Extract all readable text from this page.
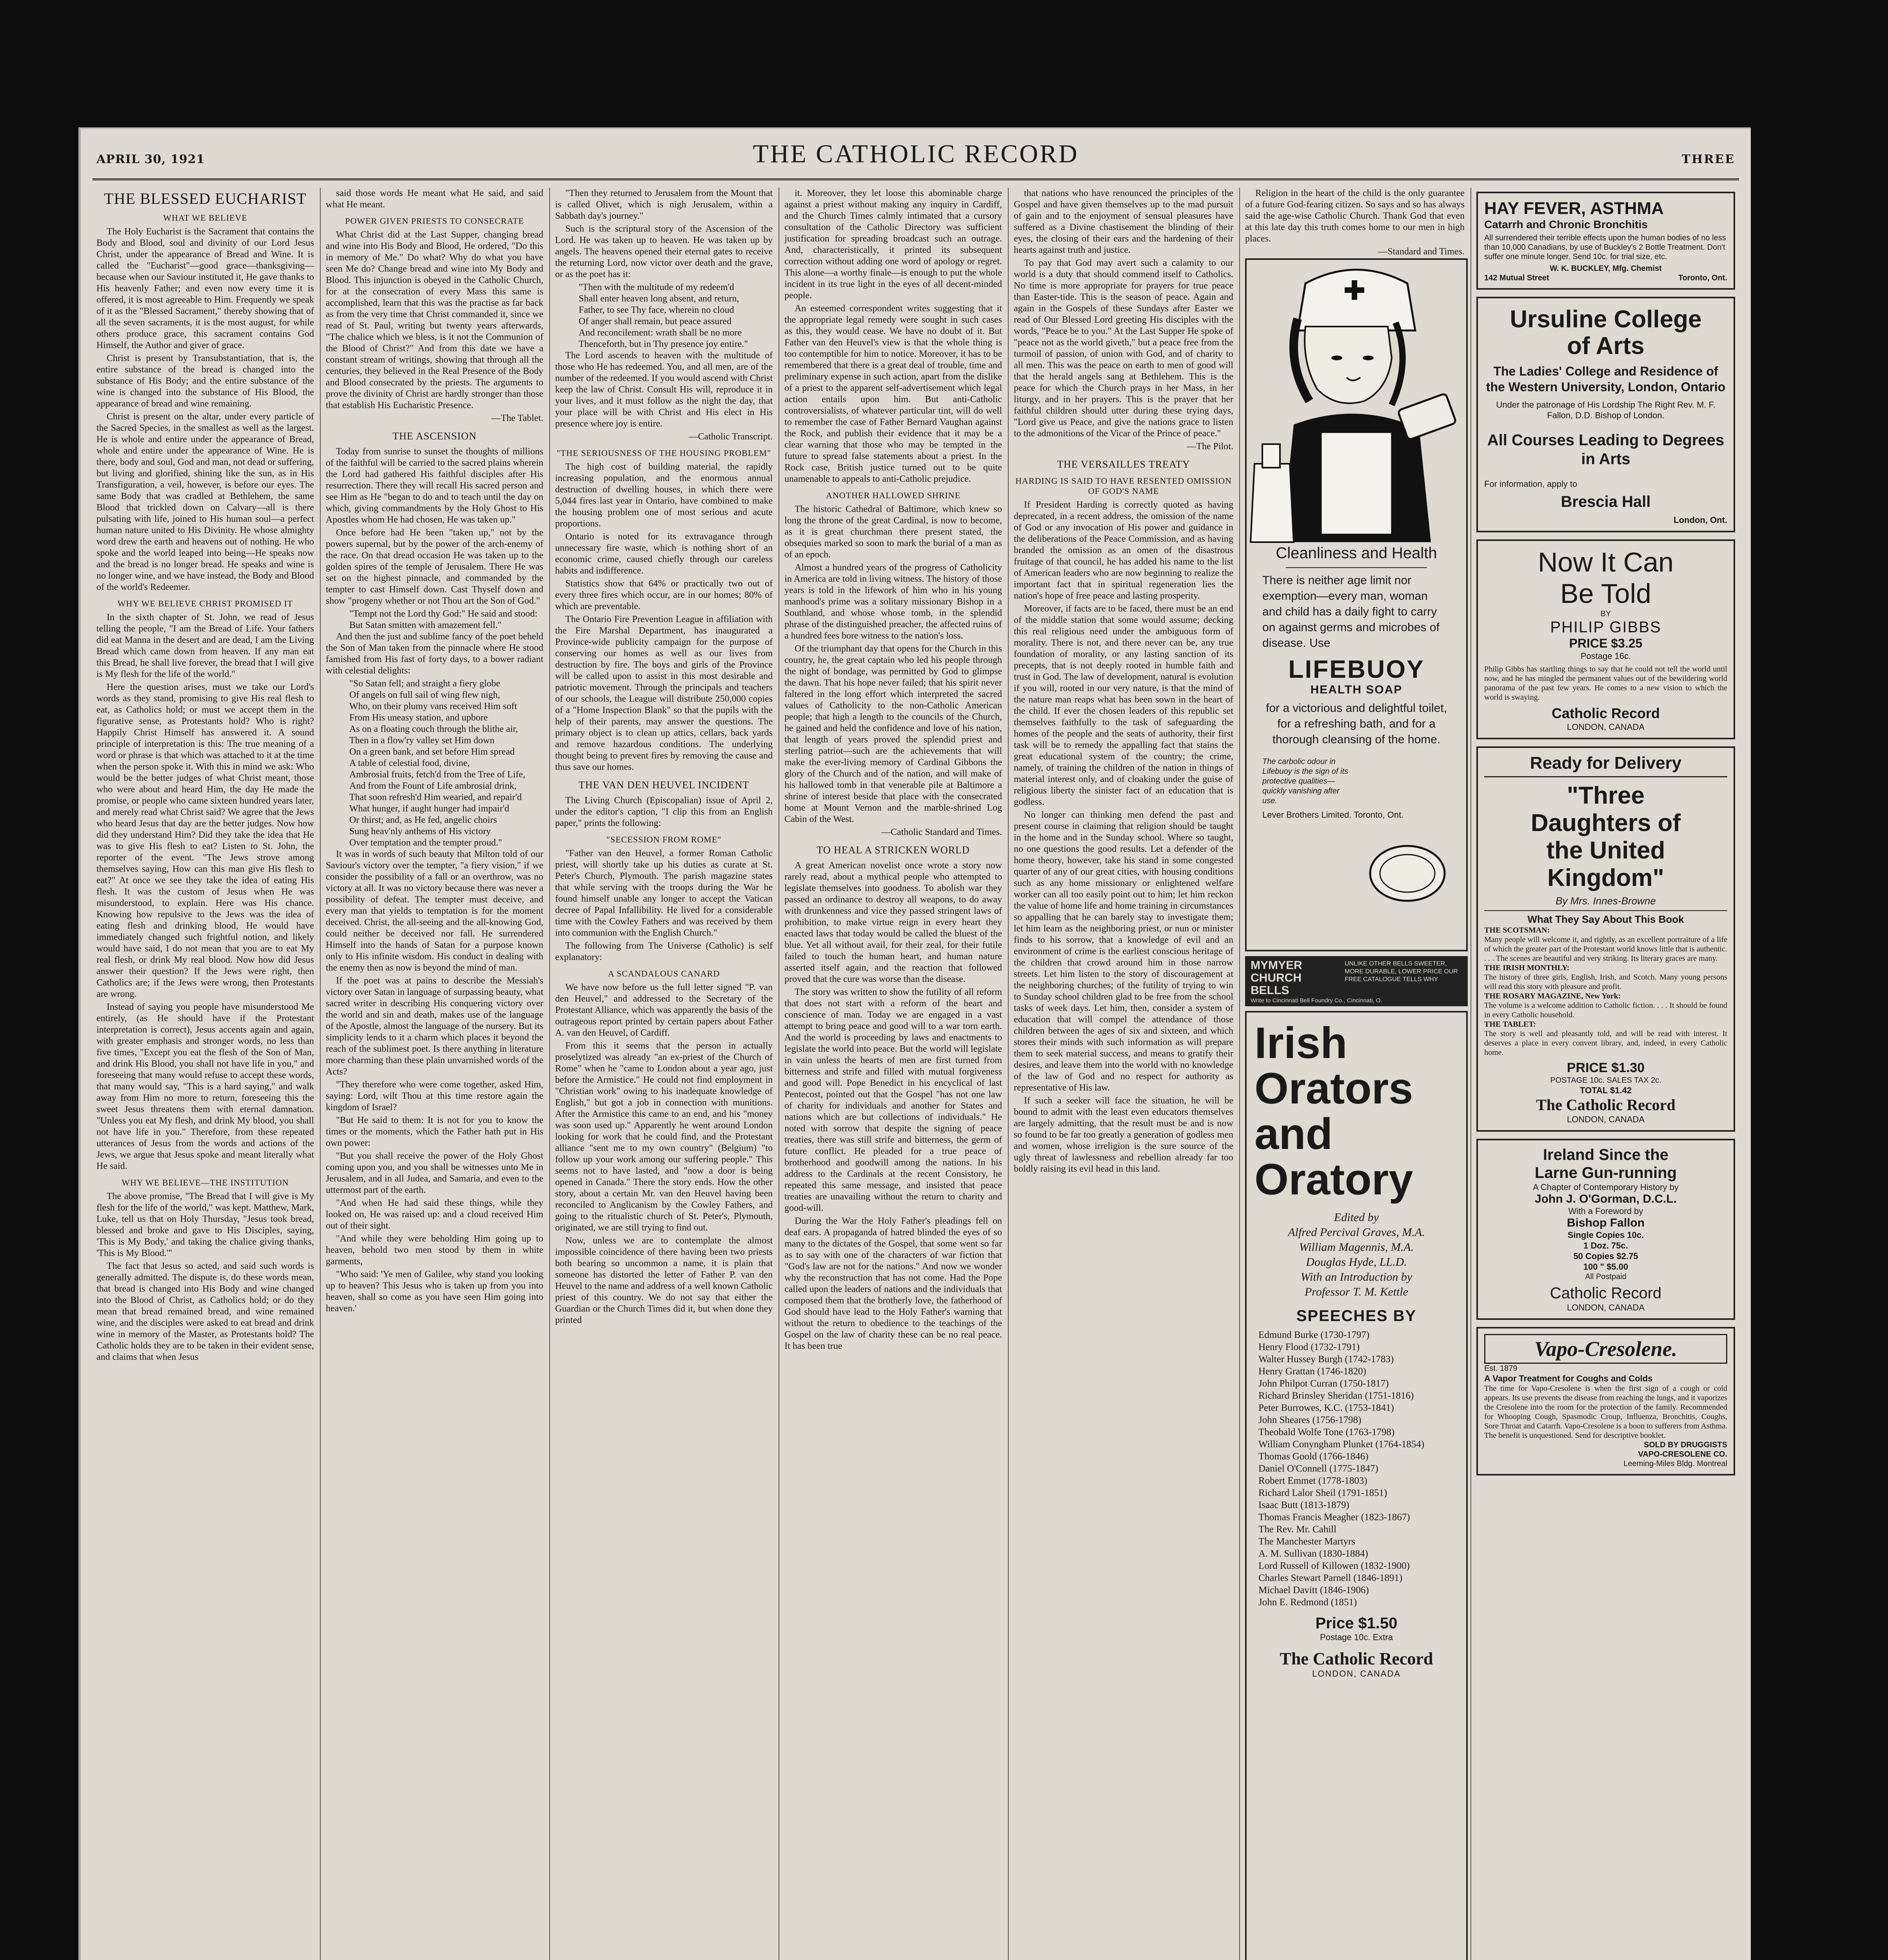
APRIL 30, 1921	THE CATHOLIC RECORD	THREE
THE BLESSED EUCHARIST
WHAT WE BELIEVE

The Holy Eucharist is the Sacrament that contains the Body and Blood, soul and divinity of our Lord Jesus Christ, under the appearance of Bread and Wine. It is called the "Eucharist"—good grace—thanksgiving—because when our Saviour instituted it, He gave thanks to His heavenly Father; and even now every time it is offered, it is most agreeable to Him. Frequently we speak of it as the "Blessed Sacrament," thereby showing that of all the seven sacraments, it is the most august, for while others produce grace, this sacrament contains God Himself, the Author and giver of grace.

Christ is present by Transubstantiation, that is, the entire substance of the bread is changed into the substance of His Body; and the entire substance of the wine is changed into the substance of His Blood, the appearance of bread and wine remaining.

Christ is present on the altar, under every particle of the Sacred Species, in the smallest as well as the largest. He is whole and entire under the appearance of Bread, whole and entire under the appearance of Wine. He is there, body and soul, God and man, not dead or suffering, but living and glorified, shining like the sun, as in His Transfiguration, a veil, however, is before our eyes. The same Body that was cradled at Bethlehem, the same Blood that trickled down on Calvary—all is there pulsating with life, joined to His human soul—a perfect human nature united to His Divinity. He whose almighty word drew the earth and heavens out of nothing. He who spoke and the world leaped into being—He speaks now and the bread is no longer bread. He speaks and wine is no longer wine, and we have instead, the Body and Blood of the world's Redeemer.

WHY WE BELIEVE CHRIST PROMISED IT

In the sixth chapter of St. John, we read of Jesus telling the people, "I am the Bread of Life. Your fathers did eat Manna in the desert and are dead, I am the Living Bread which came down from heaven. If any man eat this Bread, he shall live forever, the bread that I will give is My flesh for the life of the world."

Here the question arises, must we take our Lord's words as they stand, promising to give His real flesh to eat, as Catholics hold; or must we accept them in the figurative sense, as Protestants hold? Who is right? Happily Christ Himself has answered it. A sound principle of interpretation is this: The true meaning of a word or phrase is that which was attached to it at the time when the person spoke it. With this in mind we ask: Who would be the better judges of what Christ meant, those who were about and heard Him, the day He made the promise, or people who came sixteen hundred years later, and merely read what Christ said? We agree that the Jews who heard Jesus that day are the better judges. Now how did they understand Him? Did they take the idea that He was to give His flesh to eat? Listen to St. John, the reporter of the event. "The Jews strove among themselves saying, How can this man give His flesh to eat?" At once we see they take the idea of eating His flesh. It was the custom of Jesus when He was misunderstood, to explain. Here was His chance. Knowing how repulsive to the Jews was the idea of eating flesh and drinking blood, He would have immediately changed such frightful notion, and likely would have said, I do not mean that you are to eat My real flesh, or drink My real blood. Now how did Jesus answer their question? If the Jews were right, then Catholics are; if the Jews were wrong, then Protestants are wrong.

Instead of saying you people have misunderstood Me entirely, (as He should have if the Protestant interpretation is correct), Jesus accents again and again, with greater emphasis and stronger words, no less than five times, "Except you eat the flesh of the Son of Man, and drink His Blood, you shall not have life in you," and foreseeing that many would refuse to accept these words, that many would say, "This is a hard saying," and walk away from Him no more to return, foreseeing this the sweet Jesus threatens them with eternal damnation. "Unless you eat My flesh, and drink My blood, you shall not have life in you." Therefore, from these repeated utterances of Jesus from the words and actions of the Jews, we argue that Jesus spoke and meant literally what He said.

WHY WE BELIEVE—THE INSTITUTION

The above promise, "The Bread that I will give is My flesh for the life of the world," was kept. Matthew, Mark, Luke, tell us that on Holy Thursday, "Jesus took bread, blessed and broke and gave to His Disciples, saying, 'This is My Body,' and taking the chalice giving thanks, 'This is My Blood.'"

The fact that Jesus so acted, and said such words is generally admitted. The dispute is, do these words mean, that bread is changed into His Body and wine changed into the Blood of Christ, as Catholics hold; or do they mean that bread remained bread, and wine remained wine, and the disciples were asked to eat bread and drink wine in memory of the Master, as Protestants hold? The Catholic holds they are to be taken in their evident sense, and claims that when Jesus

said those words He meant what He said, and said what He meant.

POWER GIVEN PRIESTS TO CONSECRATE

What Christ did at the Last Supper, changing bread and wine into His Body and Blood, He ordered, "Do this in memory of Me." Do what? Why do what you have seen Me do? Change bread and wine into My Body and Blood. This injunction is obeyed in the Catholic Church, for at the consecration of every Mass this same is accomplished, learn that this was the practise as far back as from the very time that Christ commanded it, since we read of St. Paul, writing but twenty years afterwards, "The chalice which we bless, is it not the Communion of the Blood of Christ?" And from this date we have a constant stream of writings, showing that through all the centuries, they believed in the Real Presence of the Body and Blood consecrated by the priests. The arguments to prove the divinity of Christ are hardly stronger than those that establish His Eucharistic Presence.

—The Tablet.

THE ASCENSION

Today from sunrise to sunset the thoughts of millions of the faithful will be carried to the sacred plains wherein the Lord had gathered His faithful disciples after His resurrection. There they will recall His sacred person and see Him as He "began to do and to teach until the day on which, giving commandments by the Holy Ghost to His Apostles whom He had chosen, He was taken up."

Once before had He been "taken up," not by the powers supernal, but by the power of the arch-enemy of the race. On that dread occasion He was taken up to the golden spires of the temple of Jerusalem. There He was set on the highest pinnacle, and commanded by the tempter to cast Himself down. Cast Thyself down and show "progeny whether or not Thou art the Son of God."

"Tempt not the Lord thy God:" He said and stood:

But Satan smitten with amazement fell."

And then the just and sublime fancy of the poet beheld the Son of Man taken from the pinnacle where He stood famished from His fast of forty days, to a bower radiant with celestial delights:

"So Satan fell; and straight a fiery globe

Of angels on full sail of wing flew nigh,

Who, on their plumy vans received Him soft

From His uneasy station, and upbore

As on a floating couch through the blithe air,

Then in a flow'ry valley set Him down

On a green bank, and set before Him spread

A table of celestial food, divine,

Ambrosial fruits, fetch'd from the Tree of Life,

And from the Fount of Life ambrosial drink,

That soon refresh'd Him wearied, and repair'd

What hunger, if aught hunger had impair'd

Or thirst; and, as He fed, angelic choirs

Sung heav'nly anthems of His victory

Over temptation and the tempter proud."

It was in words of such beauty that Milton told of our Saviour's victory over the tempter, "a fiery vision," if we consider the possibility of a fall or an overthrow, was no victory at all. It was no victory because there was never a possibility of defeat. The tempter must deceive, and every man that yields to temptation is for the moment deceived. Christ, the all-seeing and the all-knowing God, could neither be deceived nor fall. He surrendered Himself into the hands of Satan for a purpose known only to His infinite wisdom. His conduct in dealing with the enemy then as now is beyond the mind of man.

If the poet was at pains to describe the Messiah's victory over Satan in language of surpassing beauty, what sacred writer in describing His conquering victory over the world and sin and death, makes use of the language of the Apostle, almost the language of the nursery. But its simplicity lends to it a charm which places it beyond the reach of the sublimest poet. Is there anything in literature more charming than these plain unvarnished words of the Acts?

"They therefore who were come together, asked Him, saying: Lord, wilt Thou at this time restore again the kingdom of Israel?

"But He said to them: It is not for you to know the times or the moments, which the Father hath put in His own power:

"But you shall receive the power of the Holy Ghost coming upon you, and you shall be witnesses unto Me in Jerusalem, and in all Judea, and Samaria, and even to the uttermost part of the earth.

"And when He had said these things, while they looked on, He was raised up: and a cloud received Him out of their sight.

"And while they were beholding Him going up to heaven, behold two men stood by them in white garments,

"Who said: 'Ye men of Galilee, why stand you looking up to heaven? This Jesus who is taken up from you into heaven, shall so come as you have seen Him going into heaven.'

"Then they returned to Jerusalem from the Mount that is called Olivet, which is nigh Jerusalem, within a Sabbath day's journey."

Such is the scriptural story of the Ascension of the Lord. He was taken up to heaven. He was taken up by angels. The heavens opened their eternal gates to receive the returning Lord, now victor over death and the grave, or as the poet has it:

"Then with the multitude of my redeem'd

Shall enter heaven long absent, and return,

Father, to see Thy face, wherein no cloud

Of anger shall remain, but peace assured

And reconcilement: wrath shall be no more

Thenceforth, but in Thy presence joy entire."

The Lord ascends to heaven with the multitude of those who He has redeemed. You, and all men, are of the number of the redeemed. If you would ascend with Christ keep the law of Christ. Consult His will, reproduce it in your lives, and it must follow as the night the day, that your place will be with Christ and His elect in His presence where joy is entire.

—Catholic Transcript.

"THE SERIOUSNESS OF THE HOUSING PROBLEM"

The high cost of building material, the rapidly increasing population, and the enormous annual destruction of dwelling houses, in which there were 5,044 fires last year in Ontario, have combined to make the housing problem one of most serious and acute proportions.

Ontario is noted for its extravagance through unnecessary fire waste, which is nothing short of an economic crime, caused chiefly through our careless habits and indifference.

Statistics show that 64% or practically two out of every three fires which occur, are in our homes; 80% of which are preventable.

The Ontario Fire Prevention League in affiliation with the Fire Marshal Department, has inaugurated a Province-wide publicity campaign for the purpose of conserving our homes as well as our lives from destruction by fire. The boys and girls of the Province will be called upon to assist in this most desirable and patriotic movement. Through the principals and teachers of our schools, the League will distribute 250,000 copies of a "Home Inspection Blank" so that the pupils with the help of their parents, may answer the questions. The primary object is to clean up attics, cellars, back yards and remove hazardous conditions. The underlying thought being to prevent fires by removing the cause and thus save our homes.

THE VAN DEN HEUVEL INCIDENT

The Living Church (Episcopalian) issue of April 2, under the editor's caption, "I clip this from an English paper," prints the following:

"SECESSION FROM ROME"

"Father van den Heuvel, a former Roman Catholic priest, will shortly take up his duties as curate at St. Peter's Church, Plymouth. The parish magazine states that while serving with the troops during the War he found himself unable any longer to accept the Vatican decree of Papal Infallibility. He lived for a considerable time with the Cowley Fathers and was received by them into communion with the English Church."

The following from The Universe (Catholic) is self explanatory:

A SCANDALOUS CANARD

We have now before us the full letter signed "P. van den Heuvel," and addressed to the Secretary of the Protestant Alliance, which was apparently the basis of the outrageous report printed by certain papers about Father A. van den Heuvel, of Cardiff.

From this it seems that the person in actually proselytized was already "an ex-priest of the Church of Rome" when he "came to London about a year ago, just before the Armistice." He could not find employment in "Christian work" owing to his inadequate knowledge of English," but got a job in connection with munitions. After the Armistice this came to an end, and his "money was soon used up." Apparently he went around London looking for work that he could find, and the Protestant alliance "sent me to my own country" (Belgium) "to follow up your work among our suffering people." This seems not to have lasted, and "now a door is being opened in Canada." There the story ends. How the other story, about a certain Mr. van den Heuvel having been reconciled to Anglicanism by the Cowley Fathers, and going to the ritualistic church of St. Peter's, Plymouth, originated, we are still trying to find out.

Now, unless we are to contemplate the almost impossible coincidence of there having been two priests both bearing so uncommon a name, it is plain that someone has distorted the letter of Father P. van den Heuvel to the name and address of a well known Catholic priest of this country. We do not say that either the Guardian or the Church Times did it, but when done they printed

it. Moreover, they let loose this abominable charge against a priest without making any inquiry in Cardiff, and the Church Times calmly intimated that a cursory consultation of the Catholic Directory was sufficient justification for spreading broadcast such an outrage. And, characteristically, it printed its subsequent correction without adding one word of apology or regret. This alone—a worthy finale—is enough to put the whole incident in its true light in the eyes of all decent-minded people.

An esteemed correspondent writes suggesting that it the appropriate legal remedy were sought in such cases as this, they would cease. We have no doubt of it. But Father van den Heuvel's view is that the whole thing is too contemptible for him to notice. Moreover, it has to be remembered that there is a great deal of trouble, time and preliminary expense in such action, apart from the dislike of a priest to the apparent self-advertisement which legal action entails upon him. But anti-Catholic controversialists, of whatever particular tint, will do well to remember the case of Father Bernard Vaughan against the Rock, and publish their evidence that it may be a clear warning that those who may be tempted in the future to spread false statements about a priest. In the Rock case, British justice turned out to be quite unamenable to appeals to anti-Catholic prejudice.

ANOTHER HALLOWED SHRINE

The historic Cathedral of Baltimore, which knew so long the throne of the great Cardinal, is now to become, as it is great churchman there present stated, the obsequies marked so soon to mark the burial of a man as of an epoch.

Almost a hundred years of the progress of Catholicity in America are told in living witness. The history of those years is told in the lifework of him who in his young manhood's prime was a solitary missionary Bishop in a Southland, and whose whose tomb, in the splendid phrase of the distinguished preacher, the affected ruins of a hundred fees bore witness to the nation's loss.

Of the triumphant day that opens for the Church in this country, he, the great captain who led his people through the night of bondage, was permitted by God to glimpse the dawn. That his hope never failed; that his spirit never faltered in the long effort which interpreted the sacred values of Catholicity to the non-Catholic American people; that high a length to the councils of the Church, he gained and held the confidence and love of his nation, that length of years proved the splendid priest and sterling patriot—such are the achievements that will make the ever-living memory of Cardinal Gibbons the glory of the Church and of the nation, and will make of his hallowed tomb in that venerable pile at Baltimore a shrine of interest beside that place with the consecrated home at Mount Vernon and the marble-shrined Log Cabin of the West.

—Catholic Standard and Times.

TO HEAL A STRICKEN WORLD

A great American novelist once wrote a story now rarely read, about a mythical people who attempted to legislate themselves into goodness. To abolish war they passed an ordinance to destroy all weapons, to do away with drunkenness and vice they passed stringent laws of prohibition, to make virtue reign in every heart they enacted laws that today would be called the bluest of the blue. Yet all without avail, for their zeal, for their futile failed to touch the human heart, and human nature asserted itself again, and the reaction that followed proved that the cure was worse than the disease.

The story was written to show the futility of all reform that does not start with a reform of the heart and conscience of man. Today we are engaged in a vast attempt to bring peace and good will to a war torn earth. And the world is proceeding by laws and enactments to legislate the world into peace. But the world will legislate in vain unless the hearts of men are first turned from bitterness and strife and filled with mutual forgiveness and good will. Pope Benedict in his encyclical of last Pentecost, pointed out that the Gospel "has not one law of charity for individuals and another for States and nations which are but collections of individuals." He noted with sorrow that despite the signing of peace treaties, there was still strife and bitterness, the germ of future conflict. He pleaded for a true peace of brotherhood and goodwill among the nations. In his address to the Cardinals at the recent Consistory, he repeated this same message, and insisted that peace treaties are unavailing without the return to charity and good-will.

During the War the Holy Father's pleadings fell on deaf ears. A propaganda of hatred blinded the eyes of so many to the dictates of the Gospel, that some went so far as to say with one of the characters of war fiction that "God's law are not for the nations." And now we wonder why the reconstruction that has not come. Had the Pope called upon the leaders of nations and the individuals that composed them that the brotherly love, the fatherhood of God should have lead to the Holy Father's warning that without the return to obedience to the teachings of the Gospel on the law of charity these can be no real peace. It has been true

that nations who have renounced the principles of the Gospel and have given themselves up to the mad pursuit of gain and to the enjoyment of sensual pleasures have suffered as a Divine chastisement the blinding of their eyes, the closing of their ears and the hardening of their hearts against truth and justice.

To pay that God may avert such a calamity to our world is a duty that should commend itself to Catholics. No time is more appropriate for prayers for true peace than Easter-tide. This is the season of peace. Again and again in the Gospels of these Sundays after Easter we read of Our Blessed Lord greeting His disciples with the words, "Peace be to you." At the Last Supper He spoke of "peace not as the world giveth," but a peace free from the turmoil of passion, of union with God, and of charity to all men. This was the peace on earth to men of good will that the herald angels sang at Bethlehem. This is the peace for which the Church prays in her Mass, in her liturgy, and in her prayers. This is the prayer that her faithful children should utter during these trying days, "Lord give us Peace, and give the nations grace to listen to the admonitions of the Vicar of the Prince of peace."

—The Pilot.

THE VERSAILLES TREATY
HARDING IS SAID TO HAVE RESENTED OMISSION OF GOD'S NAME

If President Harding is correctly quoted as having deprecated, in a recent address, the omission of the name of God or any invocation of His power and guidance in the deliberations of the Peace Commission, and as having branded the omission as an omen of the disastrous fruitage of that council, he has added his name to the list of American leaders who are now beginning to realize the important fact that in spiritual regeneration lies the nation's hope of free peace and lasting prosperity.

Moreover, if facts are to be faced, there must be an end of the middle station that some would assume; decking this real religious need under the ambiguous form of morality. There is not, and there never can be, any true foundation of morality, or any lasting sanction of its precepts, that is not deeply rooted in humble faith and trust in God. The law of development, natural is evolution if you will, rooted in our very nature, is that the mind of the nature man reaps what has been sown in the heart of the child. If ever the chosen leaders of this republic set themselves faithfully to the task of safeguarding the homes of the people and the seats of authority, their first task will be to remedy the appalling fact that stains the great educational system of the country; the crime, namely, of training the children of the nation in things of material interest only, and of cloaking under the guise of religious liberty the sinister fact of an education that is godless.

No longer can thinking men defend the past and present course in claiming that religion should be taught in the home and in the Sunday school. Where so taught, no one questions the good results. Let a defender of the home theory, however, take his stand in some congested quarter of any of our great cities, with housing conditions such as any home missionary or enlightened welfare worker can all too easily point out to him; let him reckon the value of home life and home training in circumstances so appalling that he can barely stay to investigate them; let him learn as the neighboring priest, or nun or minister finds to his sorrow, that a knowledge of evil and an environment of crime is the earliest conscious heritage of the children that crowd around him in those narrow streets. Let him listen to the story of discouragement at the neighboring churches; of the futility of trying to win to Sunday school children glad to be free from the school tasks of week days. Let him, then, consider a system of education that will compel the attendance of those children between the ages of six and sixteen, and which stores their minds with such information as will prepare them to seek material success, and means to gratify their desires, and leave them into the world with no knowledge of the law of God and no respect for authority as representative of His law.

If such a seeker will face the situation, he will be bound to admit with the least even educators themselves are largely admitting, that the result must be and is now so found to be far too greatly a generation of godless men and women, whose irreligion is the sure source of the ugly threat of lawlessness and rebellion already far too boldly raising its evil head in this land.

Religion in the heart of the child is the only guarantee of a future God-fearing citizen. So says and so has always said the age-wise Catholic Church. Thank God that even at this late day this truth comes home to our men in high places.

—Standard and Times.

Cleanliness and Health
There is neither age limit nor exemption—every man, woman and child has a daily fight to carry on against germs and microbes of disease. Use
LIFEBUOY
HEALTH SOAP
for a victorious and delightful toilet, for a refreshing bath, and for a thorough cleansing of the home.
The carbolic odour in Lifebuoy is the sign of its protective qualities—quickly vanishing after use.
Lever Brothers Limited. Toronto, Ont.
MYMYER
CHURCH
BELLS
UNLIKE OTHER BELLS SWEETER, MORE DURABLE, LOWER PRICE OUR FREE CATALOGUE TELLS WHY
Write to Cincinnati Bell Foundry Co., Cincinnati, O.
Irish
Orators
and
Oratory
Edited by
Alfred Percival Graves, M.A.
William Magennis, M.A.
Douglas Hyde, LL.D.
With an Introduction by
Professor T. M. Kettle
SPEECHES BY
Edmund Burke (1730-1797)
Henry Flood (1732-1791)
Walter Hussey Burgh (1742-1783)
Henry Grattan (1746-1820)
John Philpot Curran (1750-1817)
Richard Brinsley Sheridan (1751-1816)
Peter Burrowes, K.C. (1753-1841)
John Sheares (1756-1798)
Theobald Wolfe Tone (1763-1798)
William Conyngham Plunket (1764-1854)
Thomas Goold (1766-1846)
Daniel O'Connell (1775-1847)
Robert Emmet (1778-1803)
Richard Lalor Sheil (1791-1851)
Isaac Butt (1813-1879)
Thomas Francis Meagher (1823-1867)
The Rev. Mr. Cahill
The Manchester Martyrs
A. M. Sullivan (1830-1884)
Lord Russell of Killowen (1832-1900)
Charles Stewart Parnell (1846-1891)
Michael Davitt (1846-1906)
John E. Redmond (1851)
Price $1.50
Postage 10c. Extra
The Catholic Record
LONDON, CANADA

HAY FEVER, ASTHMA
Catarrh and Chronic Bronchitis
All surrendered their terrible effects upon the human bodies of no less than 10,000 Canadians, by use of Buckley's 2 Bottle Treatment. Don't suffer one minute longer. Send 10c. for trial size, etc.
W. K. BUCKLEY, Mfg. Chemist
142 Mutual Street	Toronto, Ont.
Ursuline College
of Arts
The Ladies' College and Residence of the Western University, London, Ontario
Under the patronage of His Lordship The Right Rev. M. F. Fallon, D.D. Bishop of London.
All Courses Leading to Degrees in Arts
For information, apply to
Brescia Hall
London, Ont.
Now It Can
Be Told
BY
PHILIP GIBBS
PRICE $3.25
Postage 16c.
Philip Gibbs has startling things to say that he could not tell the world until now, and he has mingled the permanent values out of the bewildering world panorama of the past few years. He comes to a new vision to which the world is swaying.
Catholic Record
LONDON, CANADA
Ready for Delivery
"Three
Daughters of
the United
Kingdom"
By Mrs. Innes-Browne
What They Say About This Book
THE SCOTSMAN:
Many people will welcome it, and rightly, as an excellent portraiture of a life of which the greater part of the Protestant world knows little that is authentic. . . . The scenes are beautiful and very striking. Its literary graces are many.
THE IRISH MONTHLY:
The history of three girls, English, Irish, and Scotch. Many young persons will read this story with pleasure and profit.
THE ROSARY MAGAZINE, New York:
The volume is a welcome addition to Catholic fiction. . . . It should be found in every Catholic household.
THE TABLET:
The story is well and pleasantly told, and will be read with interest. It deserves a place in every convent library, and, indeed, in every Catholic home.
PRICE $1.30
POSTAGE 10c. SALES TAX 2c.
TOTAL $1.42
The Catholic Record
LONDON, CANADA
Ireland Since the
Larne Gun-running
A Chapter of Contemporary History by
John J. O'Gorman, D.C.L.
With a Foreword by
Bishop Fallon
Single Copies 10c.
1 Doz. 75c.
50 Copies $2.75
100 " $5.00
All Postpaid
Catholic Record
LONDON, CANADA
Vapo-Cresolene.
Est. 1879
A Vapor Treatment for Coughs and Colds
The time for Vapo-Cresolene is when the first sign of a cough or cold appears. Its use prevents the disease from reaching the lungs, and it vaporizes the Cresolene into the room for the protection of the family. Recommended for Whooping Cough, Spasmodic Croup, Influenza, Bronchitis, Coughs, Sore Throat and Catarrh. Vapo-Cresolene is a boon to sufferers from Asthma. The benefit is unquestioned. Send for descriptive booklet.
SOLD BY DRUGGISTS
VAPO-CRESOLENE CO.
Leeming-Miles Bldg. Montreal
